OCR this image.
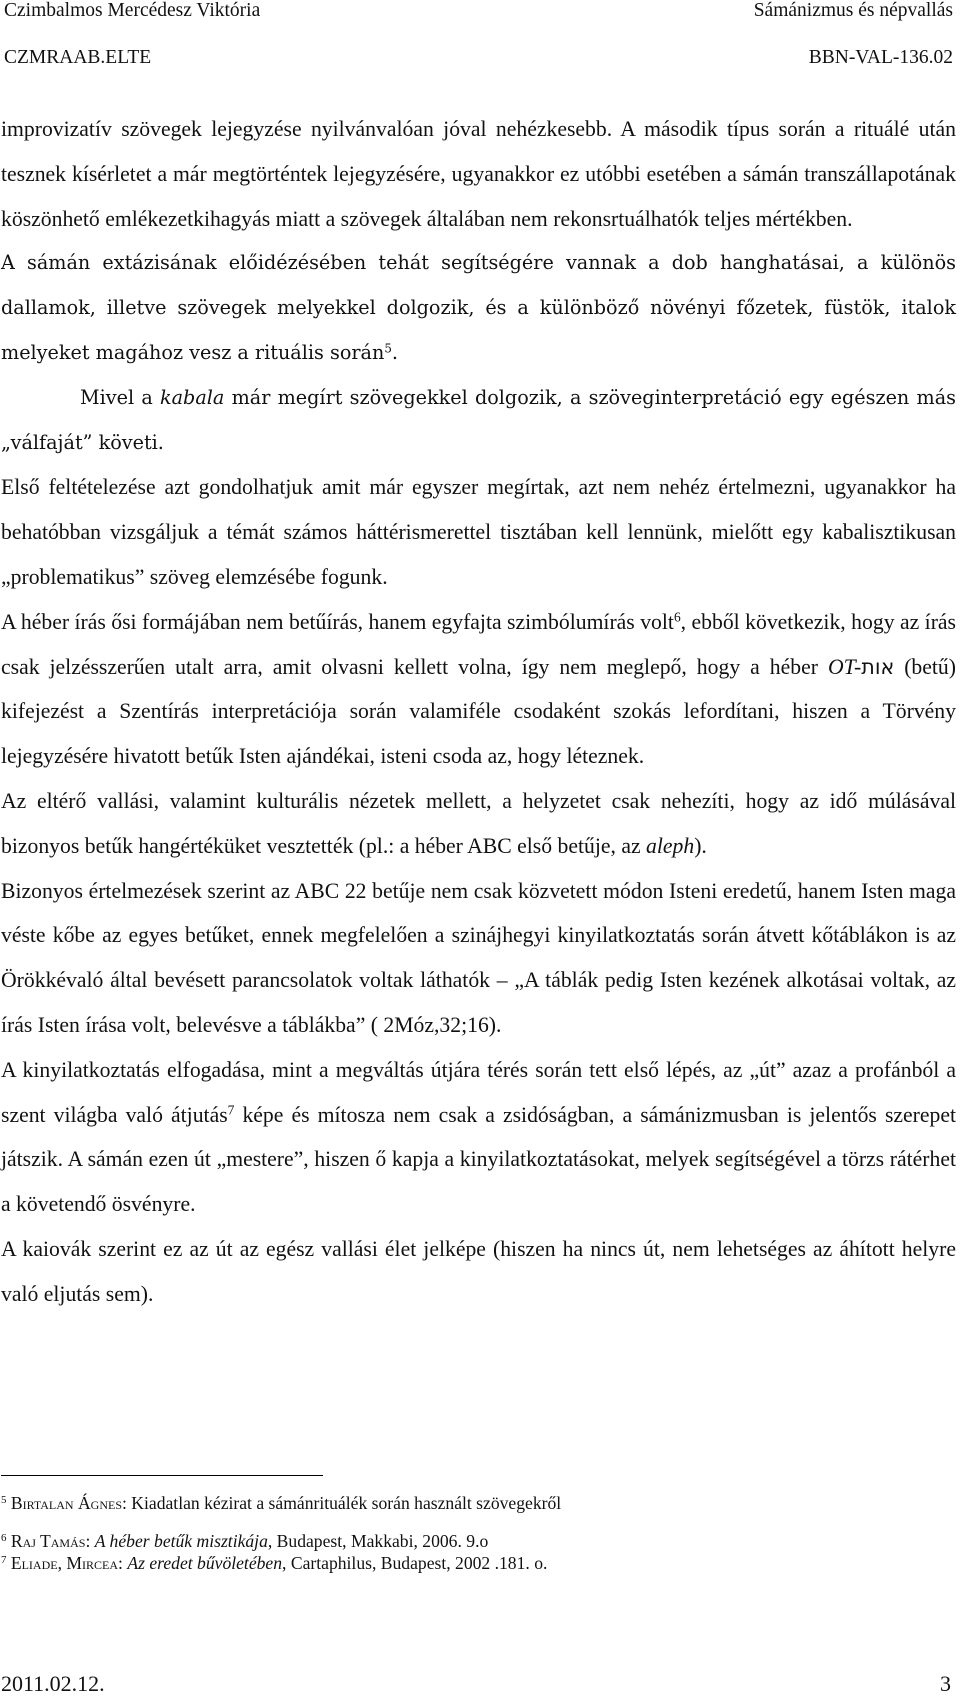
Czimbalmos Mercédesz Viktória	Sámánizmus és népvallás
CZMRAAB.ELTE	BBN-VAL-136.02

improvizatív szövegek lejegyzése nyilvánvalóan jóval nehézkesebb. A második típus során a rituálé után tesznek kísérletet a már megtörténtek lejegyzésére, ugyanakkor ez utóbbi esetében a sámán transzállapotának köszönhető emlékezetkihagyás miatt a szövegek általában nem rekonsrtuálhatók teljes mértékben.

A sámán extázisának előidézésében tehát segítségére vannak a dob hanghatásai, a különös dallamok, illetve szövegek melyekkel dolgozik, és a különböző növényi főzetek, füstök, italok melyeket magához vesz a rituális során$^5$.

Mivel a kabala már megírt szövegekkel dolgozik, a szöveginterpretáció egy egészen más „válfaját” követi.

Első feltételezése azt gondolhatjuk amit már egyszer megírtak, azt nem nehéz értelmezni, ugyanakkor ha behatóbban vizsgáljuk a témát számos háttérismerettel tisztában kell lennünk, mielőtt egy kabalisztikusan „problematikus” szöveg elemzésébe fogunk.

A héber írás ősi formájában nem betűírás, hanem egyfajta szimbólumírás volt$^6$, ebből következik, hogy az írás csak jelzésszerűen utalt arra, amit olvasni kellett volna, így nem meglepő, hogy a héber OT-אות (betű) kifejezést a Szentírás interpretációja során valamiféle csodaként szokás lefordítani, hiszen a Törvény lejegyzésére hivatott betűk Isten ajándékai, isteni csoda az, hogy léteznek.

Az eltérő vallási, valamint kulturális nézetek mellett, a helyzetet csak nehezíti, hogy az idő múlásával bizonyos betűk hangértéküket vesztették (pl.: a héber ABC első betűje, az aleph).

Bizonyos értelmezések szerint az ABC 22 betűje nem csak közvetett módon Isteni eredetű, hanem Isten maga véste kőbe az egyes betűket, ennek megfelelően a szinájhegyi kinyilatkoztatás során átvett kőtáblákon is az Örökkévaló által bevésett parancsolatok voltak láthatók – „A táblák pedig Isten kezének alkotásai voltak, az írás Isten írása volt, belevésve a táblákba” ( 2Móz,32;16).

A kinyilatkoztatás elfogadása, mint a megváltás útjára térés során tett első lépés, az „út” azaz a profánból a szent világba való átjutás$^7$ képe és mítosza nem csak a zsidóságban, a sámánizmusban is jelentős szerepet játszik. A sámán ezen út „mestere”, hiszen ő kapja a kinyilatkoztatásokat, melyek segítségével a törzs rátérhet a követendő ösvényre.

A kaiovák szerint ez az út az egész vallási élet jelképe (hiszen ha nincs út, nem lehetséges az áhított helyre való eljutás sem).

$^5$ Birtalan Ágnes: Kiadatlan kézirat a sámánrituálék során használt szövegekről

$^6$ Raj Tamás: A héber betűk misztikája, Budapest, Makkabi, 2006. 9.o

$^7$ Eliade, Mircea: Az eredet bűvöletében, Cartaphilus, Budapest, 2002 .181. o.

2011.02.12.	3
